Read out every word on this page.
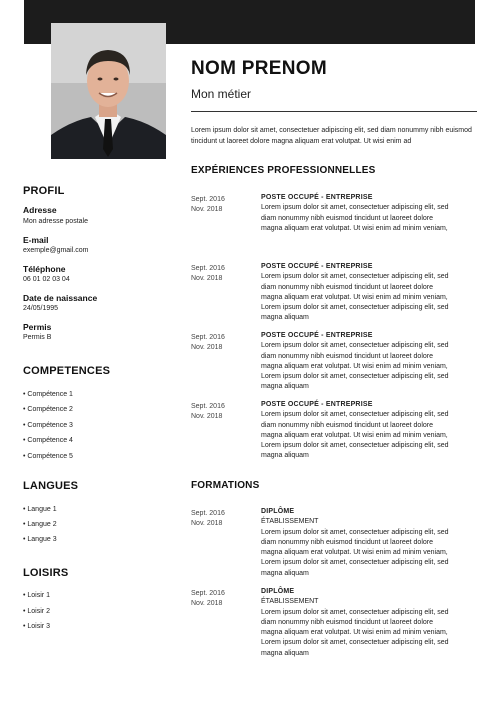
NOM PRENOM
Mon métier
Lorem ipsum dolor sit amet, consectetuer adipiscing elit, sed diam nonummy nibh euismod tincidunt ut laoreet dolore magna aliquam erat volutpat. Ut wisi enim ad
PROFIL
Adresse
Mon adresse postale
E-mail
exemple@gmail.com
Téléphone
06 01 02 03 04
Date de naissance
24/05/1995
Permis
Permis B
COMPETENCES
• Compétence 1
• Compétence 2
• Compétence 3
• Compétence 4
• Compétence 5
LANGUES
• Langue 1
• Langue 2
• Langue 3
LOISIRS
• Loisir 1
• Loisir 2
• Loisir 3
EXPÉRIENCES PROFESSIONNELLES
Sept. 2016
Nov. 2018
POSTE OCCUPÉ - ENTREPRISE
Lorem ipsum dolor sit amet, consectetuer adipiscing elit, sed diam nonummy nibh euismod tincidunt ut laoreet dolore magna aliquam erat volutpat. Ut wisi enim ad minim veniam,
Sept. 2016
Nov. 2018
POSTE OCCUPÉ - ENTREPRISE
Lorem ipsum dolor sit amet, consectetuer adipiscing elit, sed diam nonummy nibh euismod tincidunt ut laoreet dolore magna aliquam erat volutpat. Ut wisi enim ad minim veniam, Lorem ipsum dolor sit amet, consectetuer adipiscing elit, sed magna aliquam
Sept. 2016
Nov. 2018
POSTE OCCUPÉ - ENTREPRISE
Lorem ipsum dolor sit amet, consectetuer adipiscing elit, sed diam nonummy nibh euismod tincidunt ut laoreet dolore magna aliquam erat volutpat. Ut wisi enim ad minim veniam, Lorem ipsum dolor sit amet, consectetuer adipiscing elit, sed magna aliquam
Sept. 2016
Nov. 2018
POSTE OCCUPÉ - ENTREPRISE
Lorem ipsum dolor sit amet, consectetuer adipiscing elit, sed diam nonummy nibh euismod tincidunt ut laoreet dolore magna aliquam erat volutpat. Ut wisi enim ad minim veniam, Lorem ipsum dolor sit amet, consectetuer adipiscing elit, sed magna aliquam
FORMATIONS
Sept. 2016
Nov. 2018
DIPLÔME
ÉTABLISSEMENT
Lorem ipsum dolor sit amet, consectetuer adipiscing elit, sed diam nonummy nibh euismod tincidunt ut laoreet dolore magna aliquam erat volutpat. Ut wisi enim ad minim veniam, Lorem ipsum dolor sit amet, consectetuer adipiscing elit, sed magna aliquam
Sept. 2016
Nov. 2018
DIPLÔME
ÉTABLISSEMENT
Lorem ipsum dolor sit amet, consectetuer adipiscing elit, sed diam nonummy nibh euismod tincidunt ut laoreet dolore magna aliquam erat volutpat. Ut wisi enim ad minim veniam, Lorem ipsum dolor sit amet, consectetuer adipiscing elit, sed magna aliquam
